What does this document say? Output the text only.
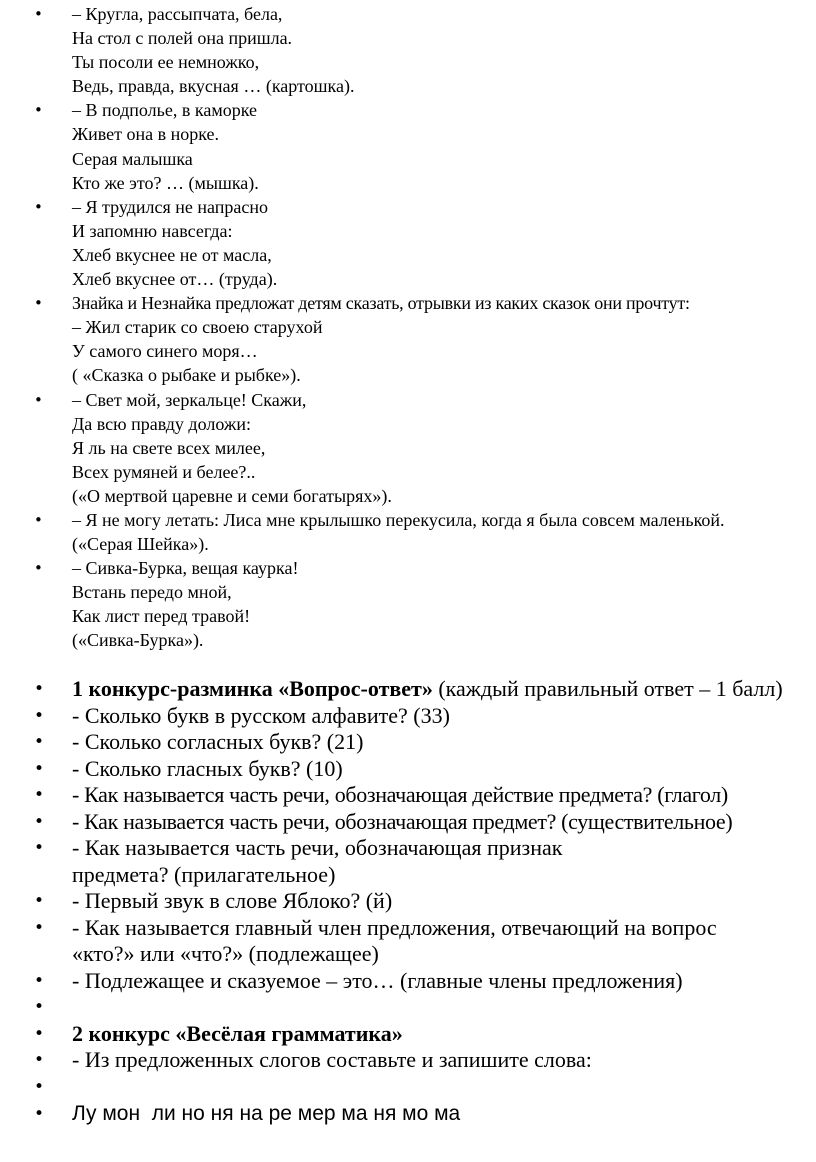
• – Кругла, рассыпчата, бела,
На стол с полей она пришла.
Ты посоли ее немножко,
Ведь, правда, вкусная … (картошка).
• – В подполье, в каморке
Живет она в норке.
Серая малышка
Кто же это? … (мышка).
• – Я трудился не напрасно
И запомню навсегда:
Хлеб вкуснее не от масла,
Хлеб вкуснее от… (труда).
• Знайка и Незнайка предложат детям сказать, отрывки из каких сказок они прочтут:
– Жил старик со своею старухой
У самого синего моря…
( «Сказка о рыбаке и рыбке»).
• – Свет мой, зеркальце! Скажи,
Да всю правду доложи:
Я ль на свете всех милее,
Всех румяней и белее?..
(«О мертвой царевне и семи богатырях»).
• – Я не могу летать: Лиса мне крылышко перекусила, когда я была совсем маленькой.
(«Серая Шейка»).
• – Сивка-Бурка, вещая каурка!
Встань передо мной,
Как лист перед травой!
(«Сивка-Бурка»).
• 1 конкурс-разминка «Вопрос-ответ» (каждый правильный ответ – 1 балл)
• - Сколько букв в русском алфавите? (33)
• - Сколько согласных букв? (21)
• - Сколько гласных букв? (10)
• - Как называется часть речи, обозначающая действие предмета? (глагол)
• - Как называется часть речи, обозначающая предмет? (существительное)
• - Как называется часть речи, обозначающая признак предмета? (прилагательное)
• - Первый звук в слове Яблоко? (й)
• - Как называется главный член предложения, отвечающий на вопрос «кто?» или «что?» (подлежащее)
• - Подлежащее и сказуемое – это… (главные члены предложения)
•
• 2 конкурс «Весёлая грамматика»
• - Из предложенных слогов составьте и запишите слова:
•
• Лу мон  ли но ня на ре мер ма ня мо ма
